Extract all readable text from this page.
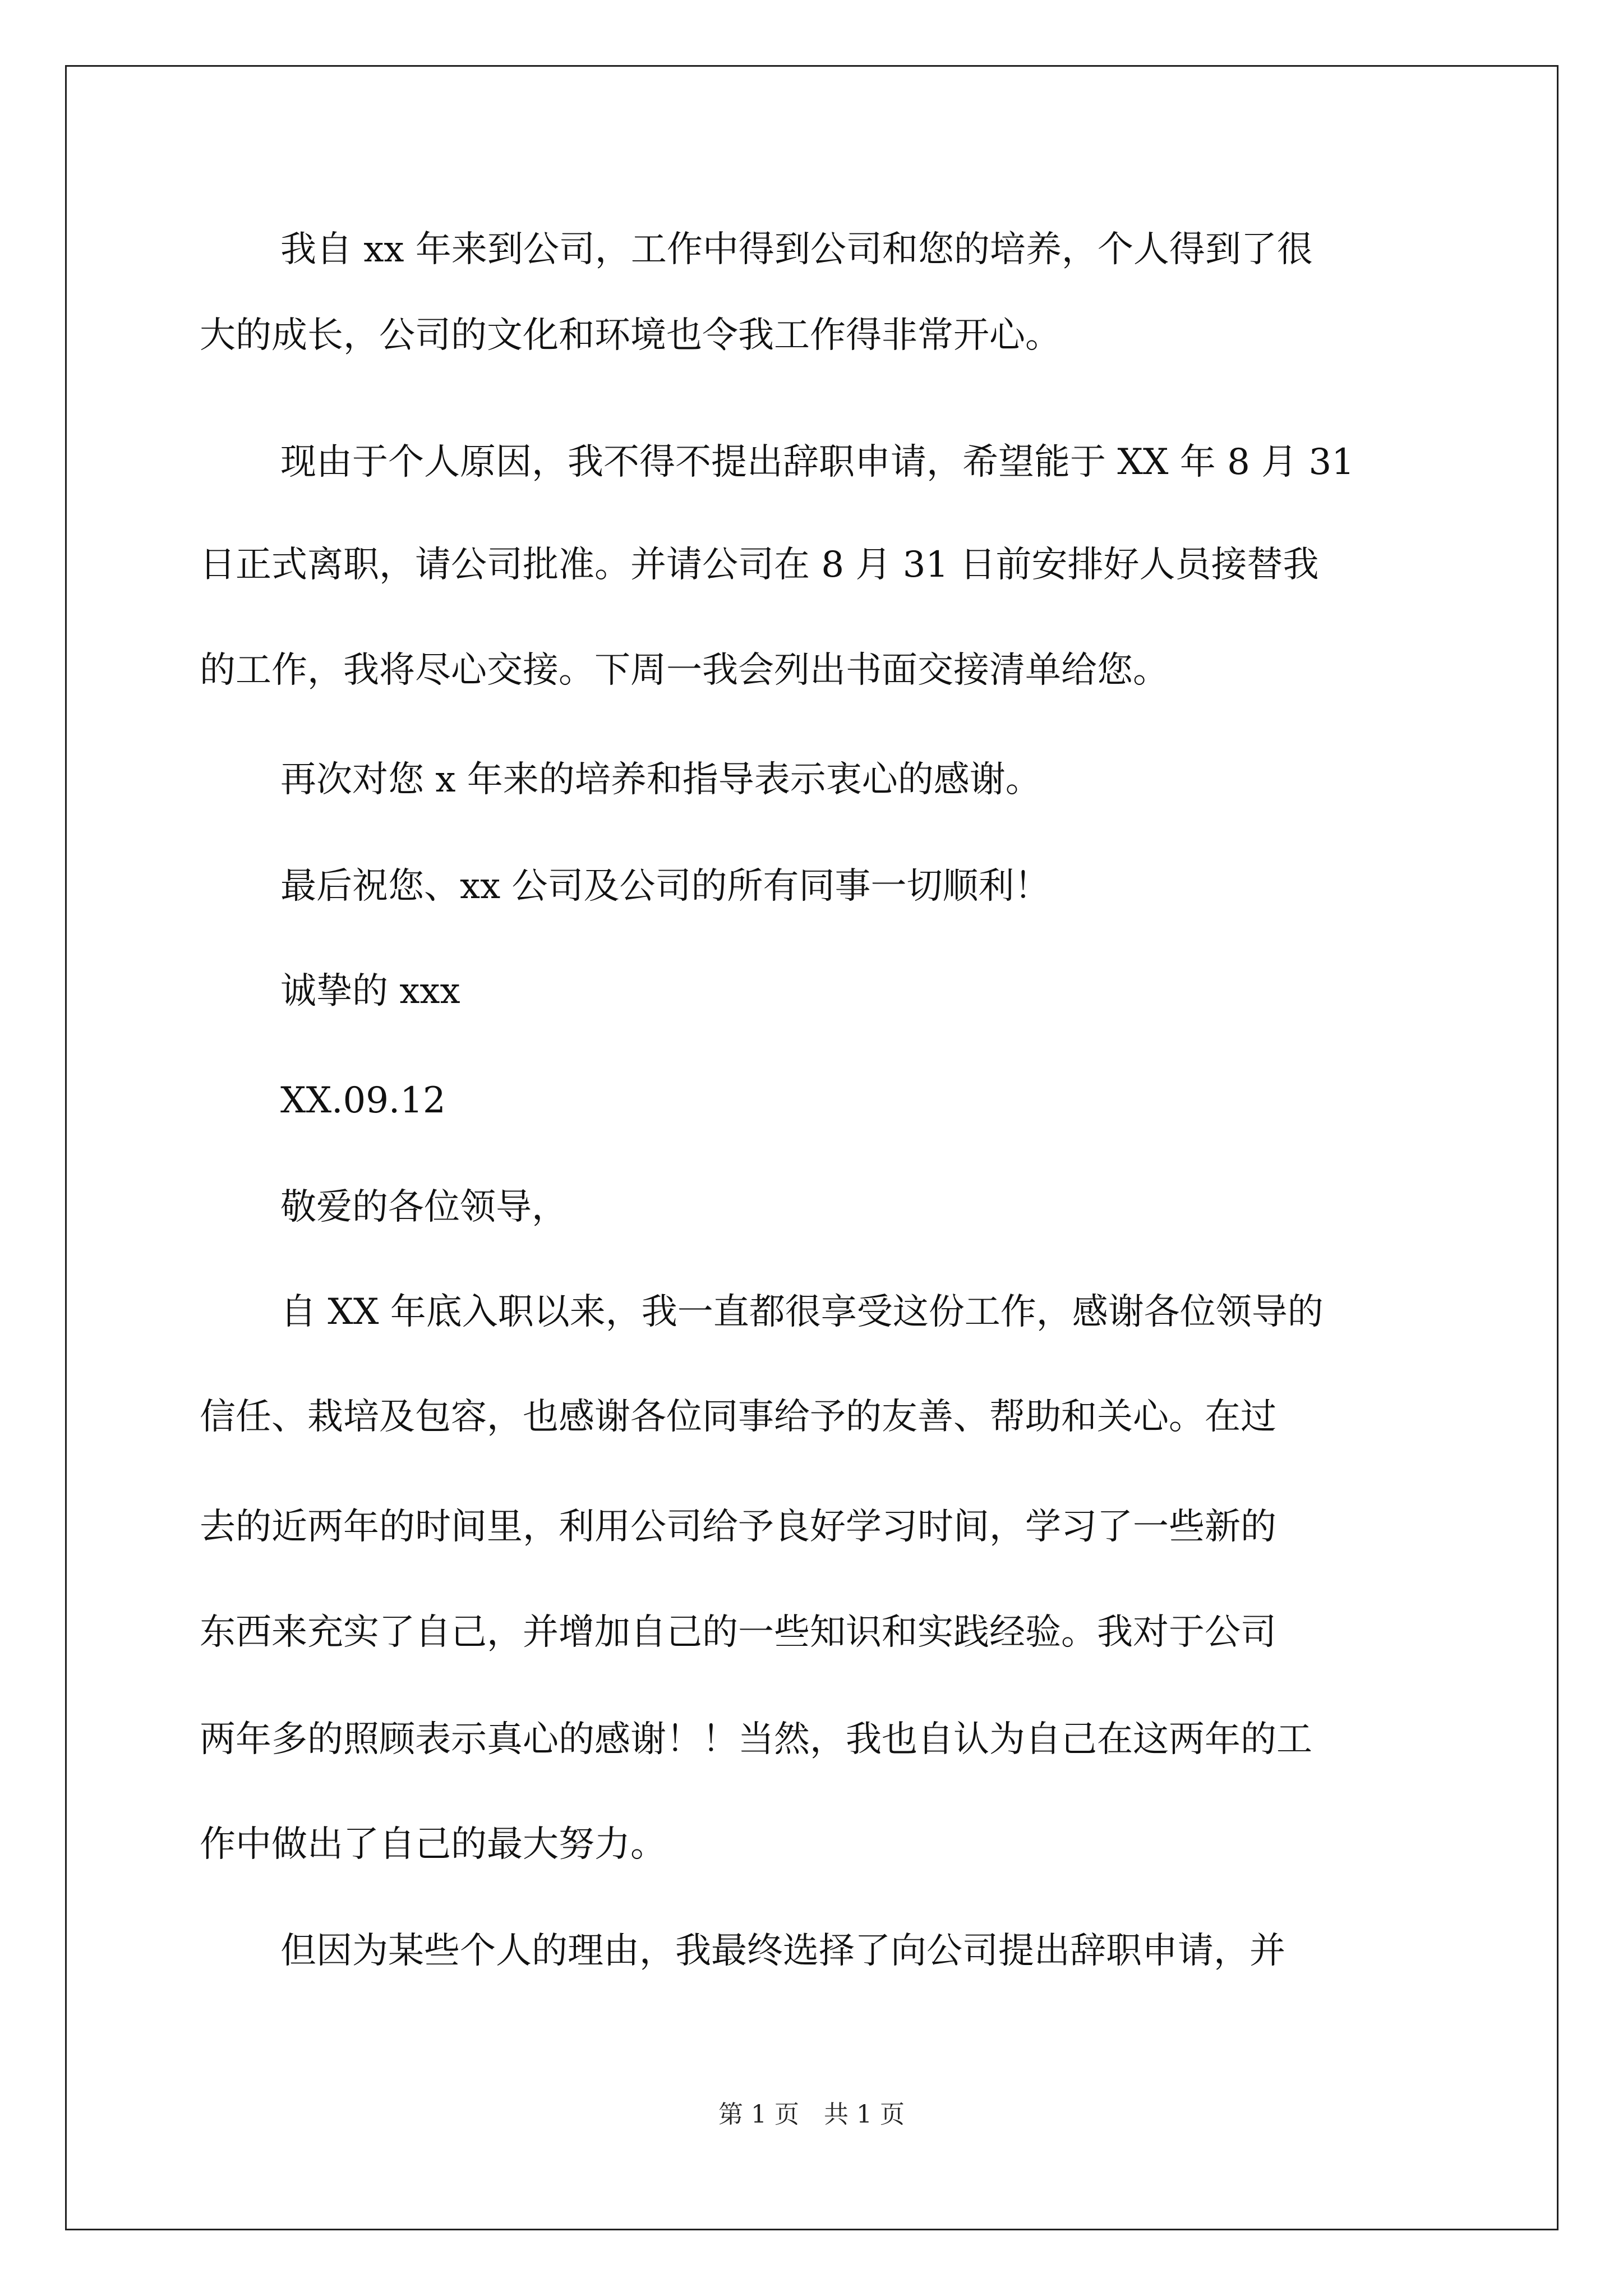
我自 xx 年来到公司，工作中得到公司和您的培养，个人得到了很
大的成长，公司的文化和环境也令我工作得非常开心。
现由于个人原因，我不得不提出辞职申请，希望能于 XX 年 8 月 31
日正式离职，请公司批准。并请公司在 8 月 31 日前安排好人员接替我
的工作，我将尽心交接。下周一我会列出书面交接清单给您。
再次对您 x 年来的培养和指导表示衷心的感谢。
最后祝您、xx 公司及公司的所有同事一切顺利！
诚挚的 xxx
XX.09.12
敬爱的各位领导，
自 XX 年底入职以来，我一直都很享受这份工作，感谢各位领导的
信任、栽培及包容，也感谢各位同事给予的友善、帮助和关心。在过
去的近两年的时间里，利用公司给予良好学习时间，学习了一些新的
东西来充实了自己，并增加自己的一些知识和实践经验。我对于公司
两年多的照顾表示真心的感谢！！当然，我也自认为自己在这两年的工
作中做出了自己的最大努力。
但因为某些个人的理由，我最终选择了向公司提出辞职申请，并
第 1 页　共 1 页
